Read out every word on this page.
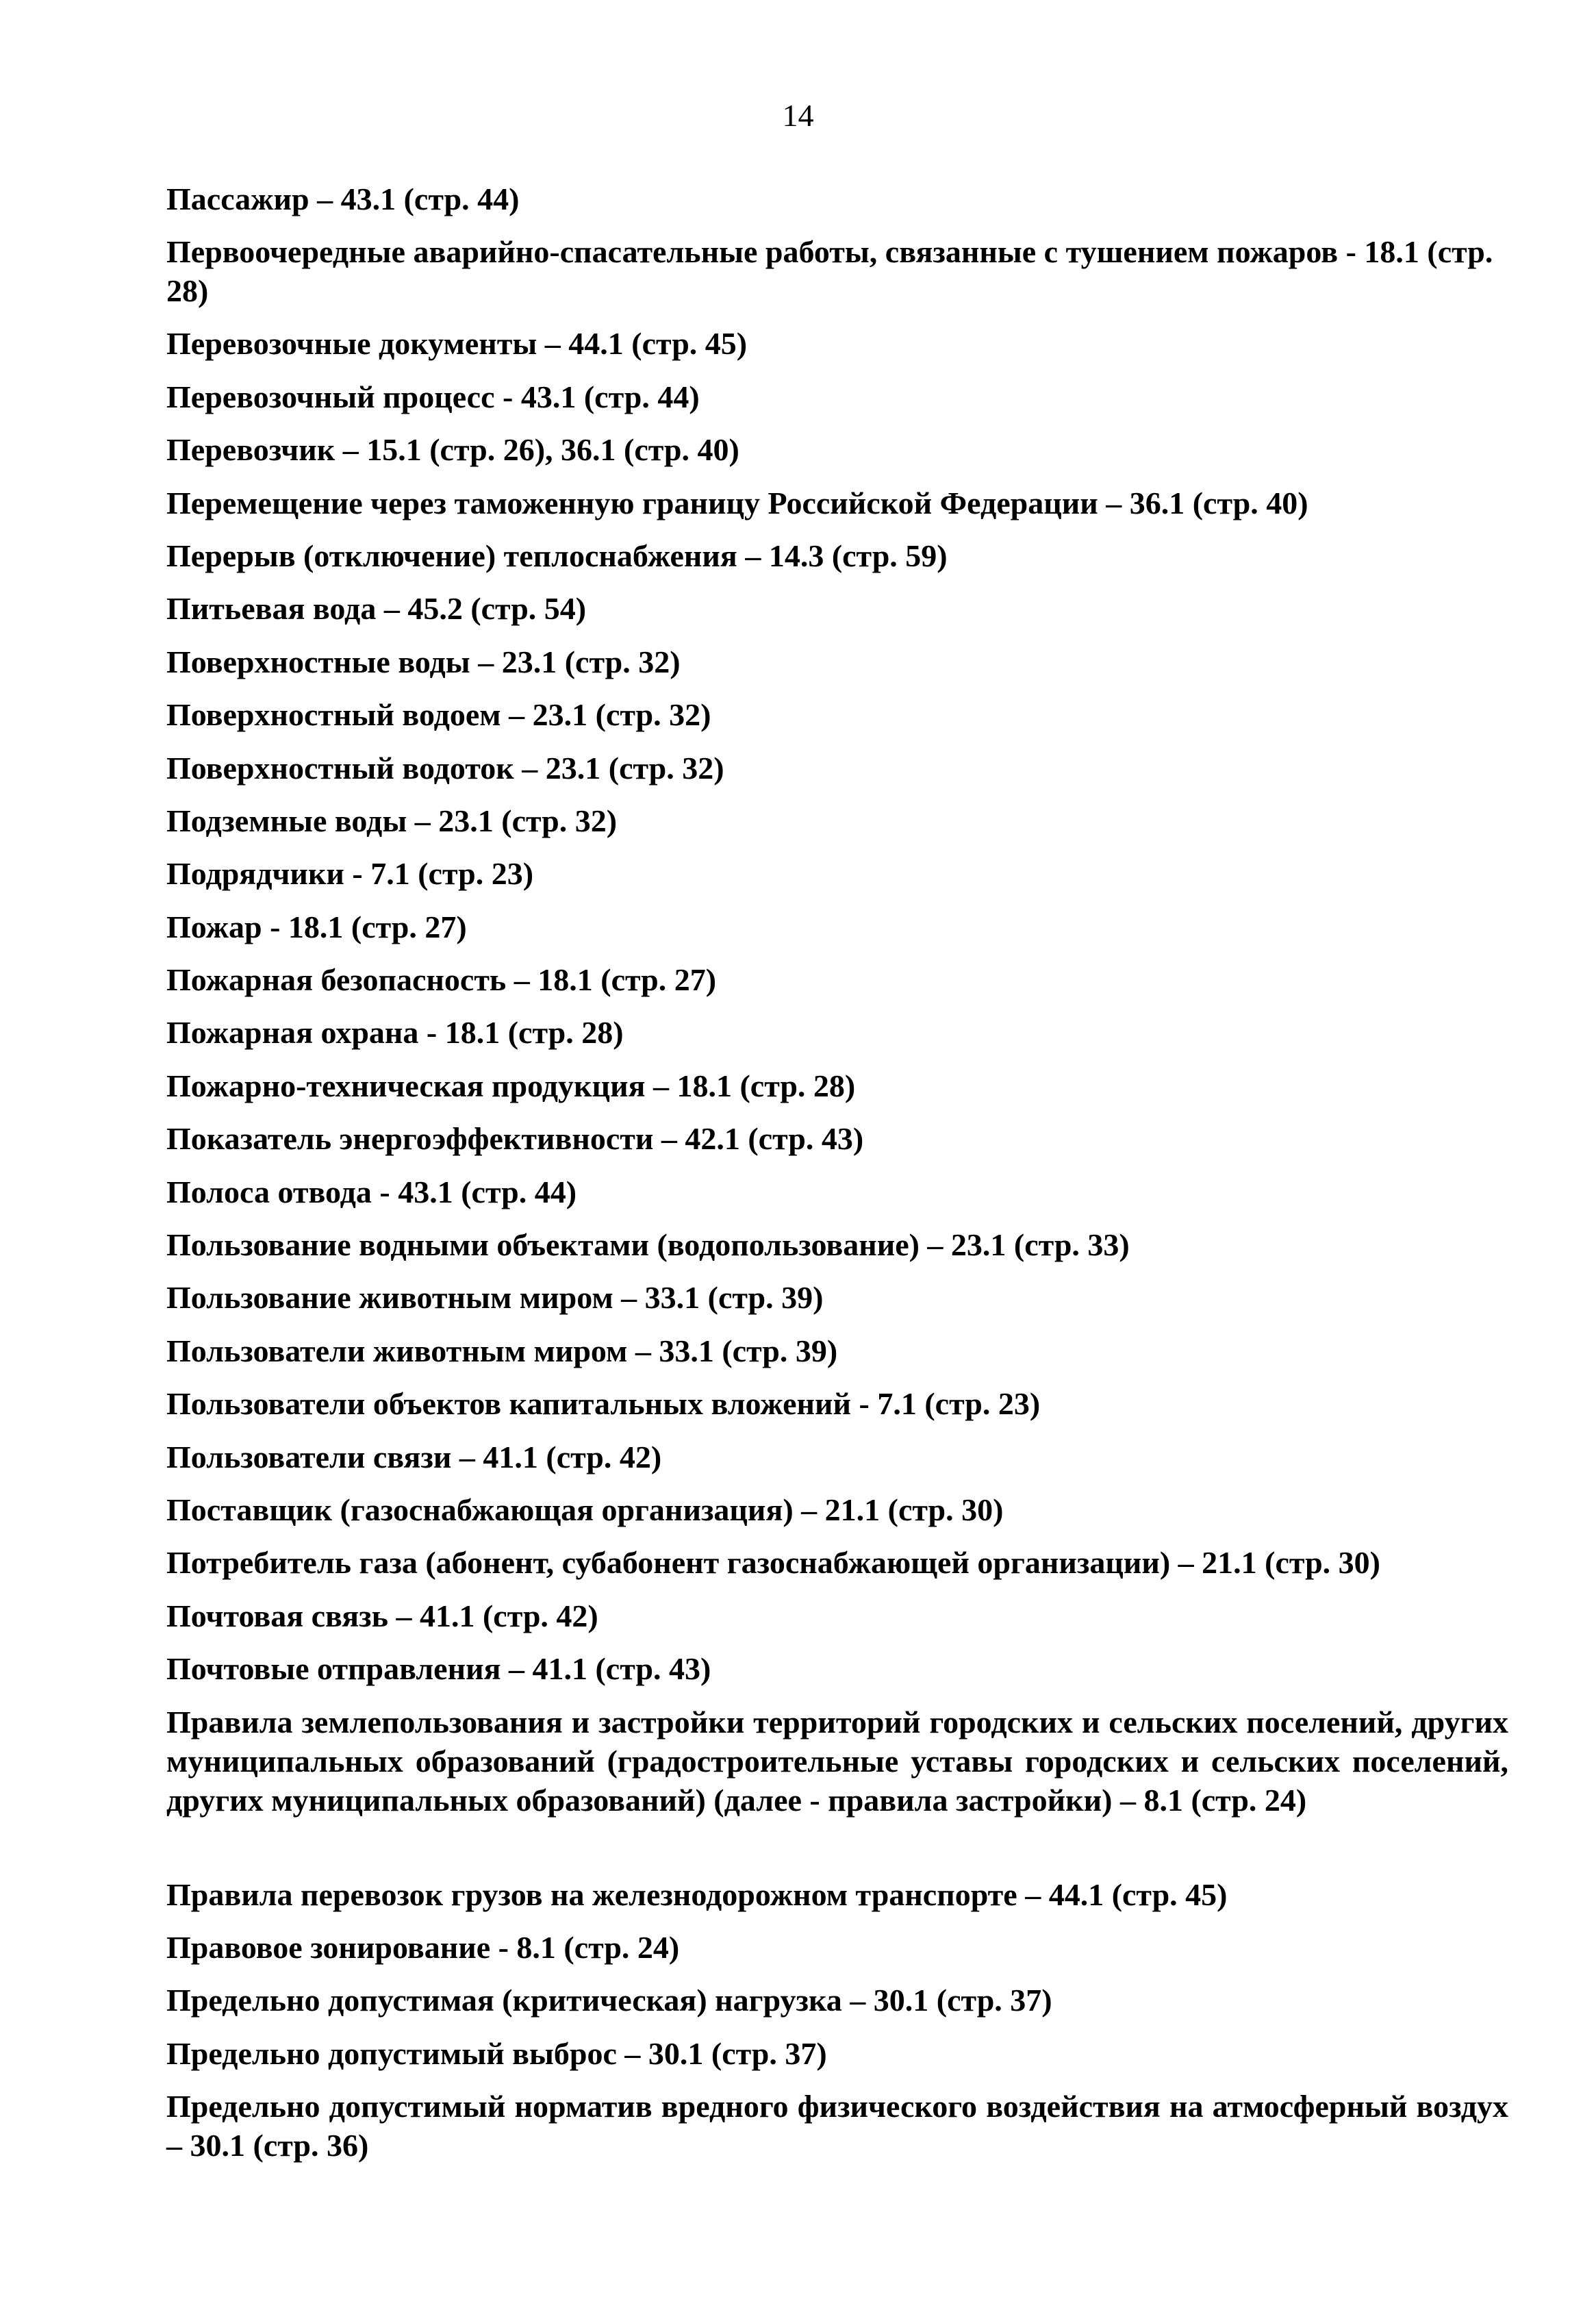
14

Пассажир – 43.1 (стр. 44)

Первоочередные аварийно-спасательные работы, связанные с тушением пожаров - 18.1 (стр. 28)

Перевозочные документы – 44.1 (стр. 45)

Перевозочный процесс - 43.1 (стр. 44)

Перевозчик – 15.1 (стр. 26), 36.1 (стр. 40)

Перемещение через таможенную границу Российской Федерации – 36.1 (стр. 40)

Перерыв (отключение) теплоснабжения – 14.3 (стр. 59)

Питьевая вода – 45.2 (стр. 54)

Поверхностные воды – 23.1 (стр. 32)

Поверхностный водоем – 23.1 (стр. 32)

Поверхностный водоток – 23.1 (стр. 32)

Подземные воды – 23.1 (стр. 32)

Подрядчики - 7.1 (стр. 23)

Пожар - 18.1 (стр. 27)

Пожарная безопасность – 18.1 (стр. 27)

Пожарная охрана - 18.1 (стр. 28)

Пожарно-техническая продукция – 18.1 (стр. 28)

Показатель энергоэффективности – 42.1 (стр. 43)

Полоса отвода - 43.1 (стр. 44)

Пользование водными объектами (водопользование) – 23.1 (стр. 33)

Пользование животным миром – 33.1 (стр. 39)

Пользователи животным миром – 33.1 (стр. 39)

Пользователи объектов капитальных вложений - 7.1 (стр. 23)

Пользователи связи – 41.1 (стр. 42)

Поставщик (газоснабжающая организация) – 21.1 (стр. 30)

Потребитель газа (абонент, субабонент газоснабжающей организации) – 21.1 (стр. 30)

Почтовая связь – 41.1 (стр. 42)

Почтовые отправления – 41.1 (стр. 43)

Правила землепользования и застройки территорий городских и сельских поселений, других муниципальных образований (градостроительные уставы городских и сельских поселений, других муниципальных образований) (далее - правила застройки) – 8.1 (стр. 24)

Правила перевозок грузов на железнодорожном транспорте – 44.1 (стр. 45)

Правовое зонирование - 8.1 (стр. 24)

Предельно допустимая (критическая) нагрузка – 30.1 (стр. 37)

Предельно допустимый выброс – 30.1 (стр. 37)

Предельно допустимый норматив вредного физического воздействия на атмосферный воздух – 30.1 (стр. 36)
